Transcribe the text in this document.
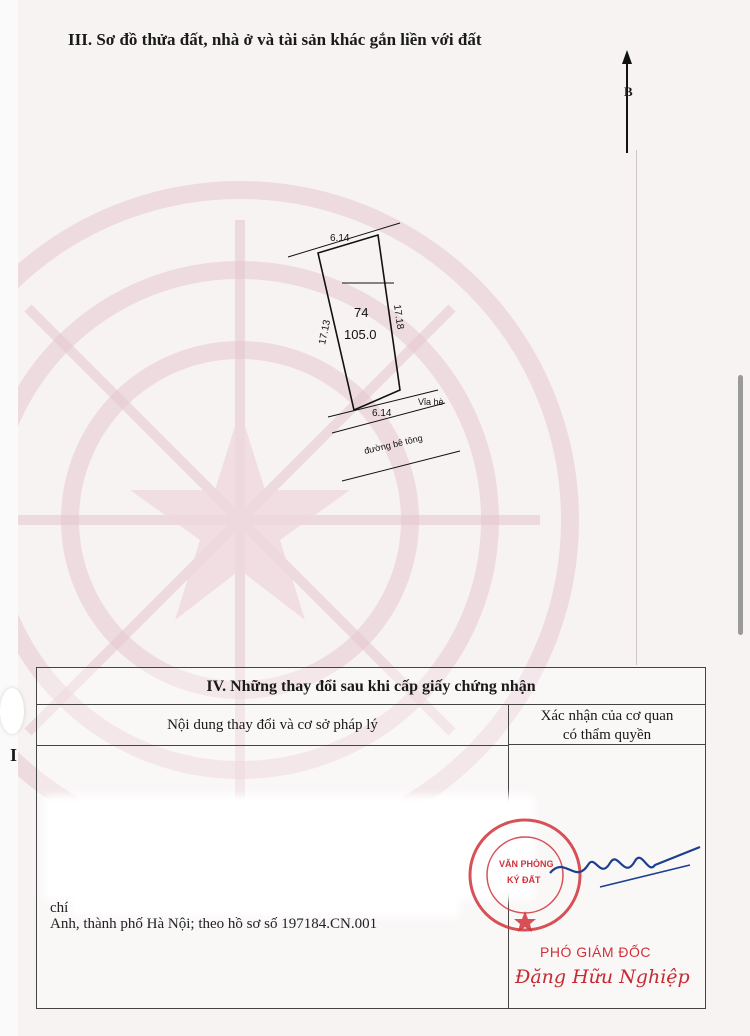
III. Sơ đồ thửa đất, nhà ở và tài sản khác gắn liền với đất
B
6.14
17.18
17.13
74
105.0
6.14
Vỉa hè
đường bê tông
I
IV. Những thay đổi sau khi cấp giấy chứng nhận
Nội dung thay đổi và cơ sở pháp lý
Xác nhận của cơ quan
có thẩm quyền
chí
Anh, thành phố Hà Nội; theo hồ sơ số 197184.CN.001
VĂN PHÒNG
KÝ ĐẤT
PHÓ GIÁM ĐỐC
Đặng Hữu Nghiệp
